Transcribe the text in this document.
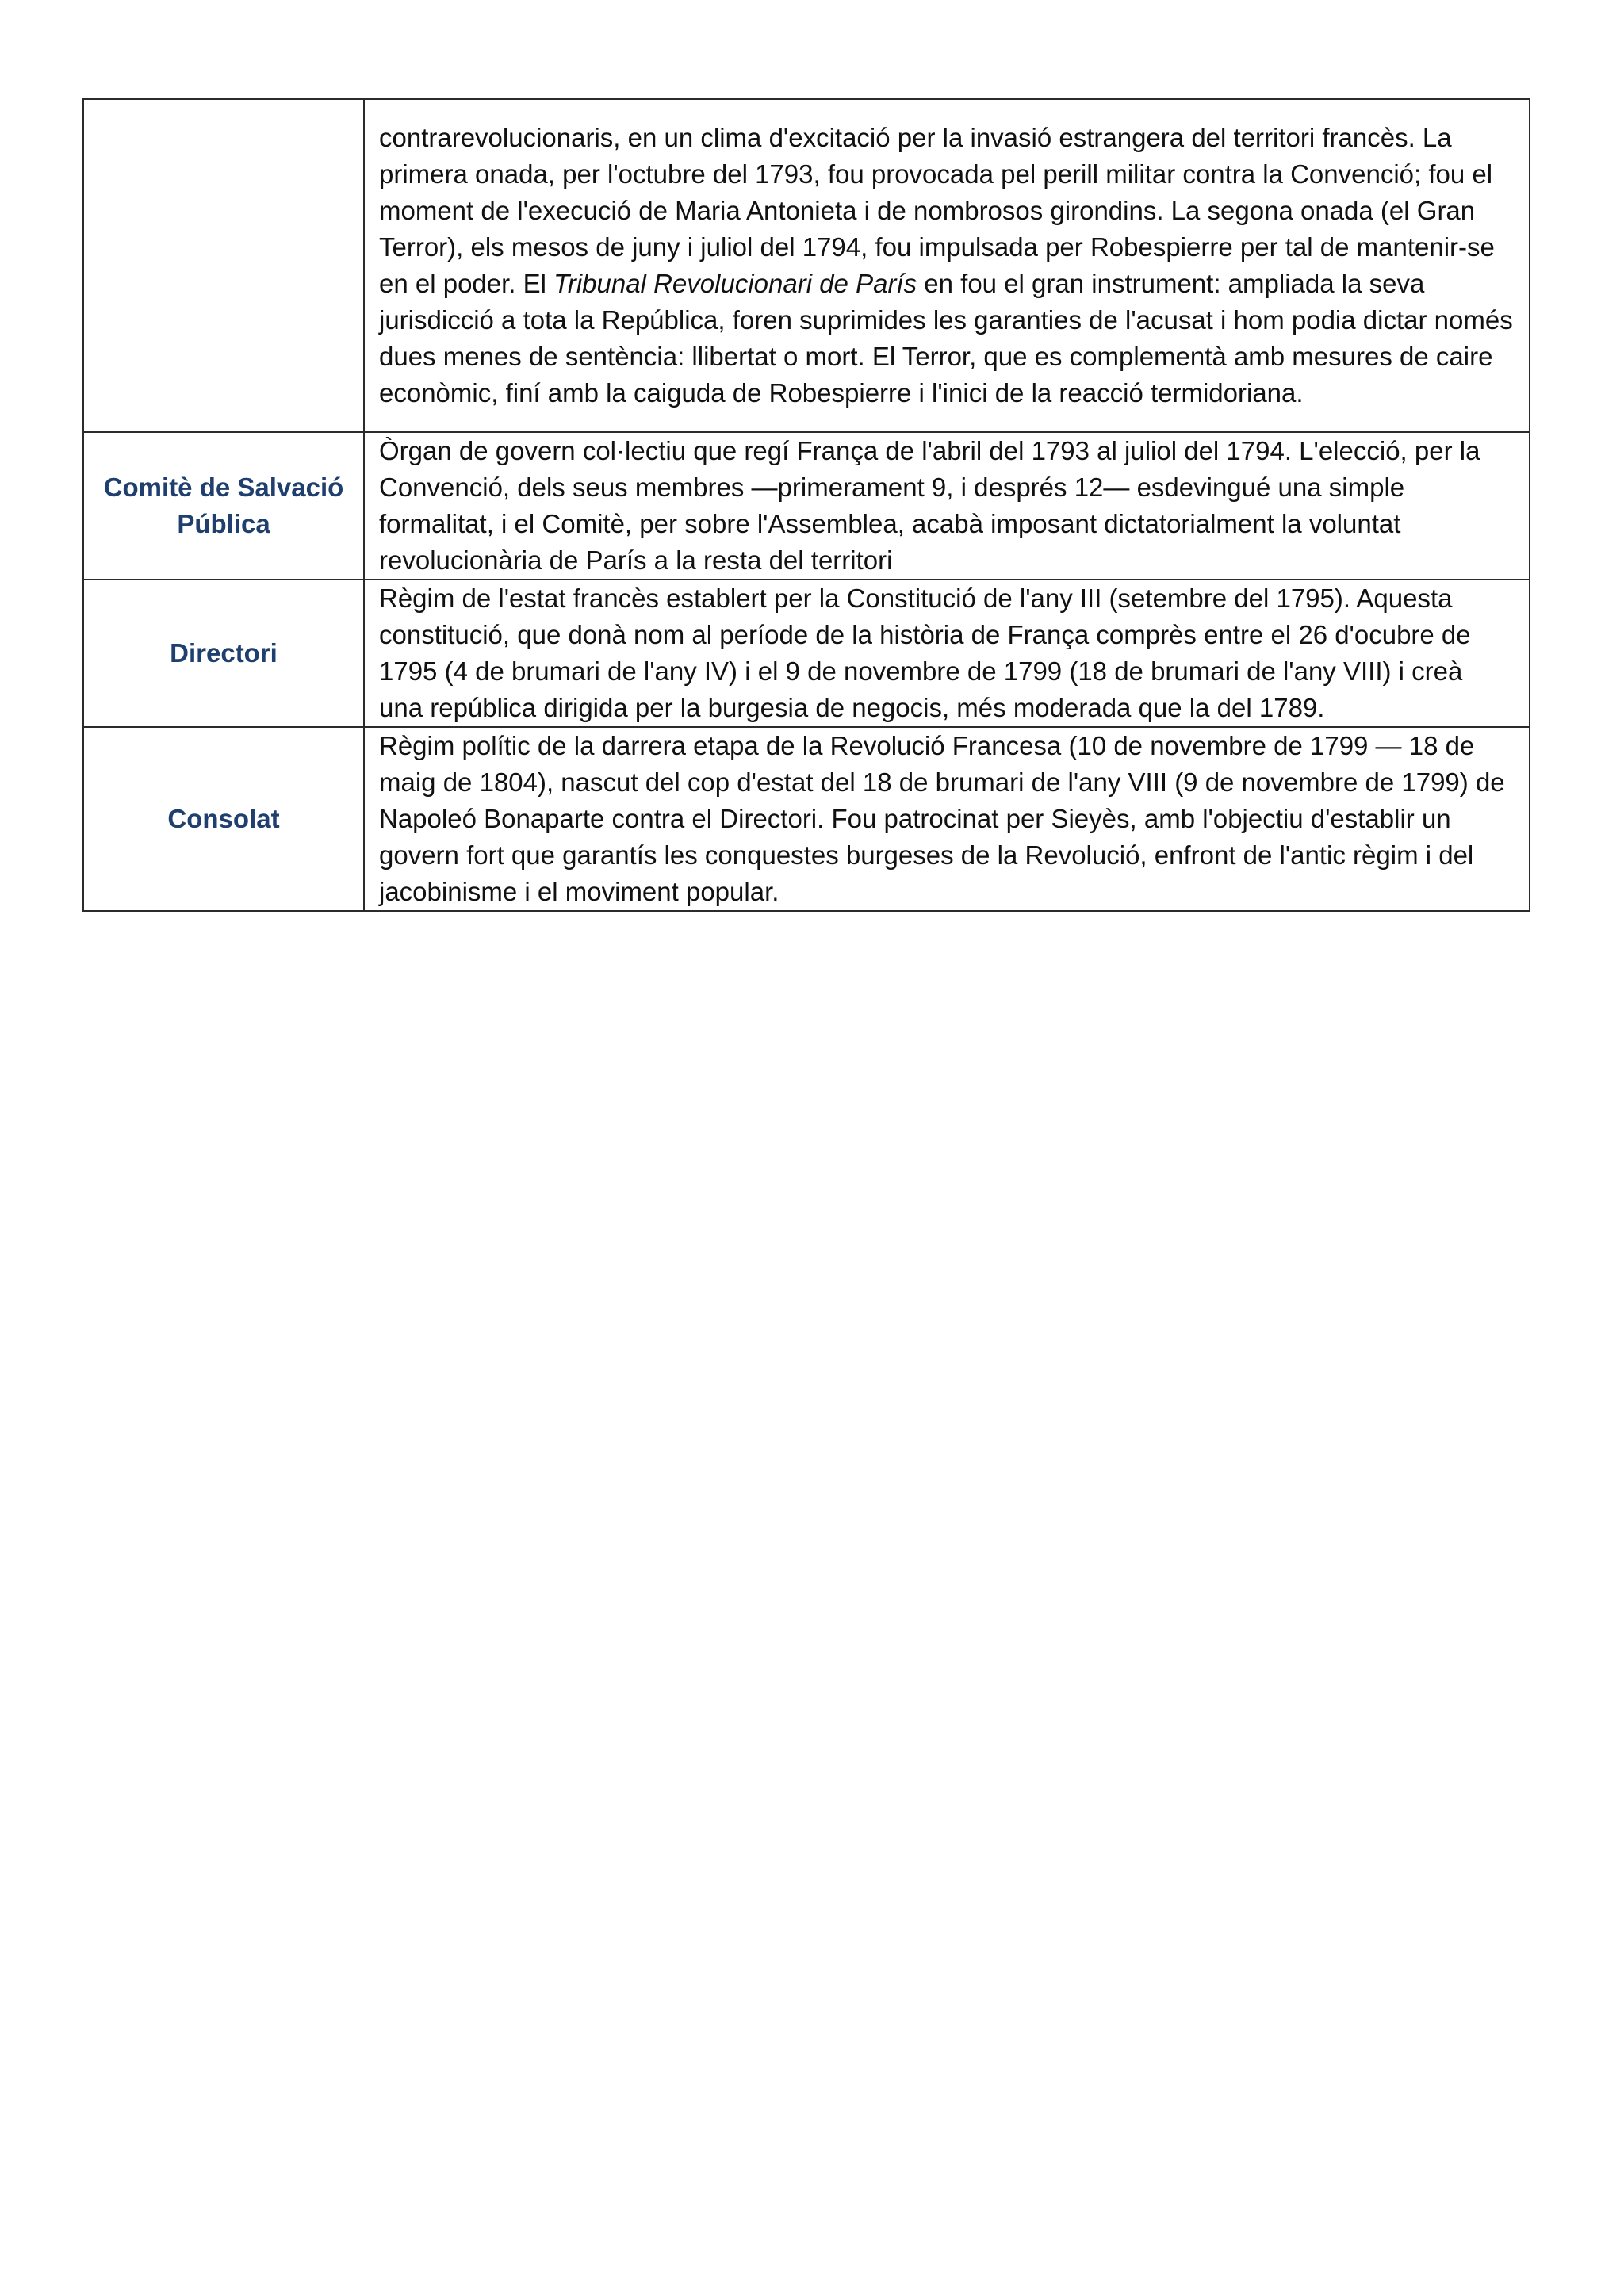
	contrarevolucionaris, en un clima d'excitació per la invasió estrangera del territori francès. La primera onada, per l'octubre del 1793, fou provocada pel perill militar contra la Convenció; fou el moment de l'execució de Maria Antonieta i de nombrosos girondins. La segona onada (el Gran Terror), els mesos de juny i juliol del 1794, fou impulsada per Robespierre per tal de mantenir-se en el poder. El Tribunal Revolucionari de París en fou el gran instrument: ampliada la seva jurisdicció a tota la República, foren suprimides les garanties de l'acusat i hom podia dictar només dues menes de sentència: llibertat o mort. El Terror, que es complementà amb mesures de caire econòmic, finí amb la caiguda de Robespierre i l'inici de la reacció termidoriana.
Comitè de Salvació Pública	Òrgan de govern col·lectiu que regí França de l'abril del 1793 al juliol del 1794. L'elecció, per la Convenció, dels seus membres —primerament 9, i després 12— esdevingué una simple formalitat, i el Comitè, per sobre l'Assemblea, acabà imposant dictatorialment la voluntat revolucionària de París a la resta del territori
Directori	Règim de l'estat francès establert per la Constitució de l'any III (setembre del 1795). Aquesta constitució, que donà nom al període de la història de França comprès entre el 26 d'ocubre de 1795 (4 de brumari de l'any IV) i el 9 de novembre de 1799 (18 de brumari de l'any VIII) i creà una república dirigida per la burgesia de negocis, més moderada que la del 1789.
Consolat	Règim polític de la darrera etapa de la Revolució Francesa (10 de novembre de 1799 — 18 de maig de 1804), nascut del cop d'estat del 18 de brumari de l'any VIII (9 de novembre de 1799) de Napoleó Bonaparte contra el Directori. Fou patrocinat per Sieyès, amb l'objectiu d'establir un govern fort que garantís les conquestes burgeses de la Revolució, enfront de l'antic règim i del jacobinisme i el moviment popular.
